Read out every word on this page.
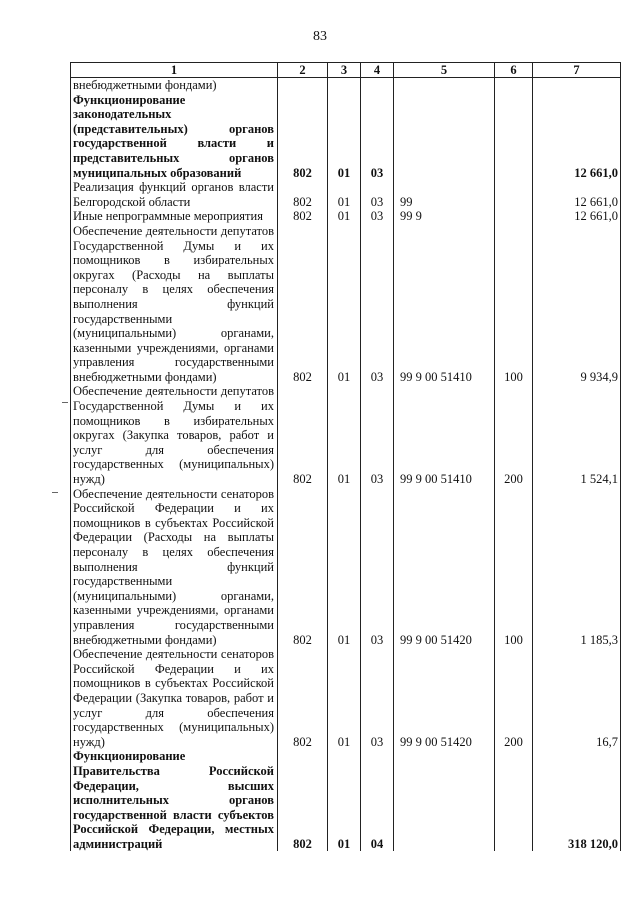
83
1	2	3	4	5	6	7
внебюджетными фондами)						
Функционирование законодательных (представительных) органов государственной власти и представительных органов муниципальных образований	802	01	03			12 661,0
Реализация функций органов власти Белгородской области	802	01	03	99		12 661,0
Иные непрограммные мероприятия	802	01	03	99 9		12 661,0
Обеспечение деятельности депутатов Государственной Думы и их помощников в избирательных округах (Расходы на выплаты персоналу в целях обеспечения выполнения функций государственными (муниципальными) органами, казенными учреждениями, органами управления государственными внебюджетными фондами)	802	01	03	99 9 00 51410	100	9 934,9
Обеспечение деятельности депутатов Государственной Думы и их помощников в избирательных округах (Закупка товаров, работ и услуг для обеспечения государственных (муниципальных) нужд)	802	01	03	99 9 00 51410	200	1 524,1
Обеспечение деятельности сенаторов Российской Федерации и их помощников в субъектах Российской Федерации (Расходы на выплаты персоналу в целях обеспечения выполнения функций государственными (муниципальными) органами, казенными учреждениями, органами управления государственными внебюджетными фондами)	802	01	03	99 9 00 51420	100	1 185,3
Обеспечение деятельности сенаторов Российской Федерации и их помощников в субъектах Российской Федерации (Закупка товаров, работ и услуг для обеспечения государственных (муниципальных) нужд)	802	01	03	99 9 00 51420	200	16,7
Функционирование Правительства Российской Федерации, высших исполнительных органов государственной власти субъектов Российской Федерации, местных администраций	802	01	04			318 120,0
